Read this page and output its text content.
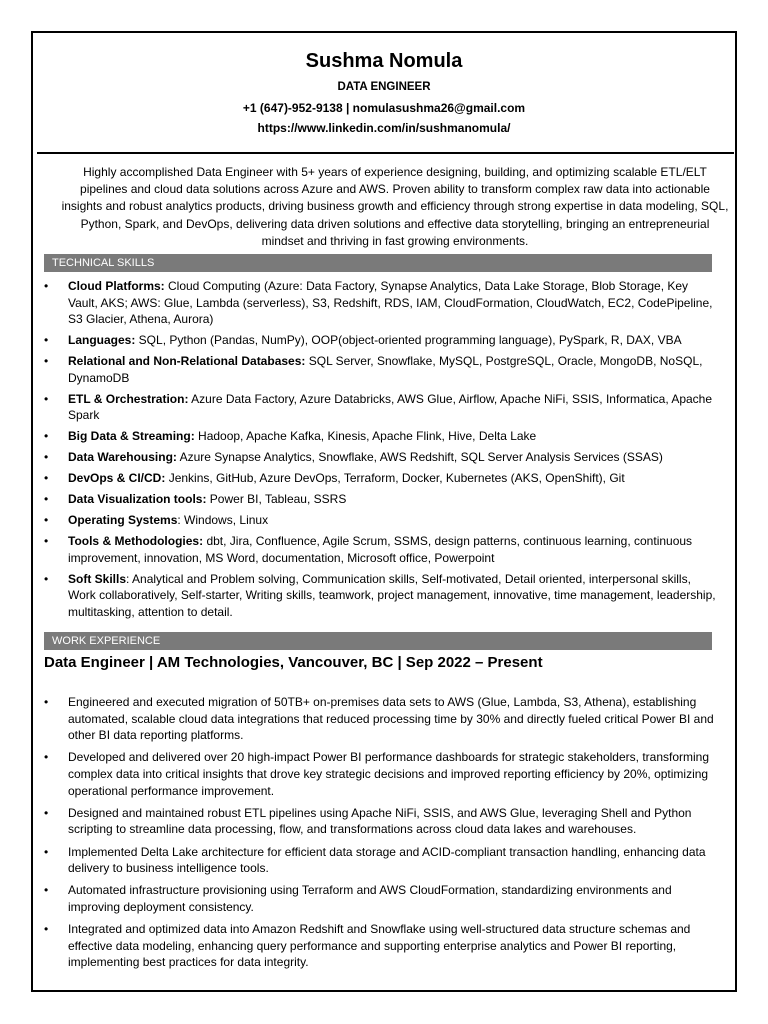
Sushma Nomula
DATA ENGINEER
+1 (647)-952-9138 | nomulasushma26@gmail.com
https://www.linkedin.com/in/sushmanomula/
Highly accomplished Data Engineer with 5+ years of experience designing, building, and optimizing scalable ETL/ELT pipelines and cloud data solutions across Azure and AWS. Proven ability to transform complex raw data into actionable insights and robust analytics products, driving business growth and efficiency through strong expertise in data modeling, SQL, Python, Spark, and DevOps, delivering data driven solutions and effective data storytelling, bringing an entrepreneurial mindset and thriving in fast growing environments.
TECHNICAL SKILLS
• Cloud Platforms: Cloud Computing (Azure: Data Factory, Synapse Analytics, Data Lake Storage, Blob Storage, Key Vault, AKS; AWS: Glue, Lambda (serverless), S3, Redshift, RDS, IAM, CloudFormation, CloudWatch, EC2, CodePipeline, S3 Glacier, Athena, Aurora)
• Languages: SQL, Python (Pandas, NumPy), OOP(object-oriented programming language), PySpark, R, DAX, VBA
• Relational and Non-Relational Databases: SQL Server, Snowflake, MySQL, PostgreSQL, Oracle, MongoDB, NoSQL, DynamoDB
• ETL & Orchestration: Azure Data Factory, Azure Databricks, AWS Glue, Airflow, Apache NiFi, SSIS, Informatica, Apache Spark
• Big Data & Streaming: Hadoop, Apache Kafka, Kinesis, Apache Flink, Hive, Delta Lake
• Data Warehousing: Azure Synapse Analytics, Snowflake, AWS Redshift, SQL Server Analysis Services (SSAS)
• DevOps & CI/CD: Jenkins, GitHub, Azure DevOps, Terraform, Docker, Kubernetes (AKS, OpenShift), Git
• Data Visualization tools: Power BI, Tableau, SSRS
• Operating Systems: Windows, Linux
• Tools & Methodologies: dbt, Jira, Confluence, Agile Scrum, SSMS, design patterns, continuous learning, continuous improvement, innovation, MS Word, documentation, Microsoft office, Powerpoint
• Soft Skills: Analytical and Problem solving, Communication skills, Self-motivated, Detail oriented, interpersonal skills, Work collaboratively, Self-starter, Writing skills, teamwork, project management, innovative, time management, leadership, multitasking, attention to detail.
WORK EXPERIENCE
Data Engineer | AM Technologies, Vancouver, BC | Sep 2022 – Present
• Engineered and executed migration of 50TB+ on-premises data sets to AWS (Glue, Lambda, S3, Athena), establishing automated, scalable cloud data integrations that reduced processing time by 30% and directly fueled critical Power BI and other BI data reporting platforms.
• Developed and delivered over 20 high-impact Power BI performance dashboards for strategic stakeholders, transforming complex data into critical insights that drove key strategic decisions and improved reporting efficiency by 20%, optimizing operational performance improvement.
• Designed and maintained robust ETL pipelines using Apache NiFi, SSIS, and AWS Glue, leveraging Shell and Python scripting to streamline data processing, flow, and transformations across cloud data lakes and warehouses.
• Implemented Delta Lake architecture for efficient data storage and ACID-compliant transaction handling, enhancing data delivery to business intelligence tools.
• Automated infrastructure provisioning using Terraform and AWS CloudFormation, standardizing environments and improving deployment consistency.
• Integrated and optimized data into Amazon Redshift and Snowflake using well-structured data structure schemas and effective data modeling, enhancing query performance and supporting enterprise analytics and Power BI reporting, implementing best practices for data integrity.
